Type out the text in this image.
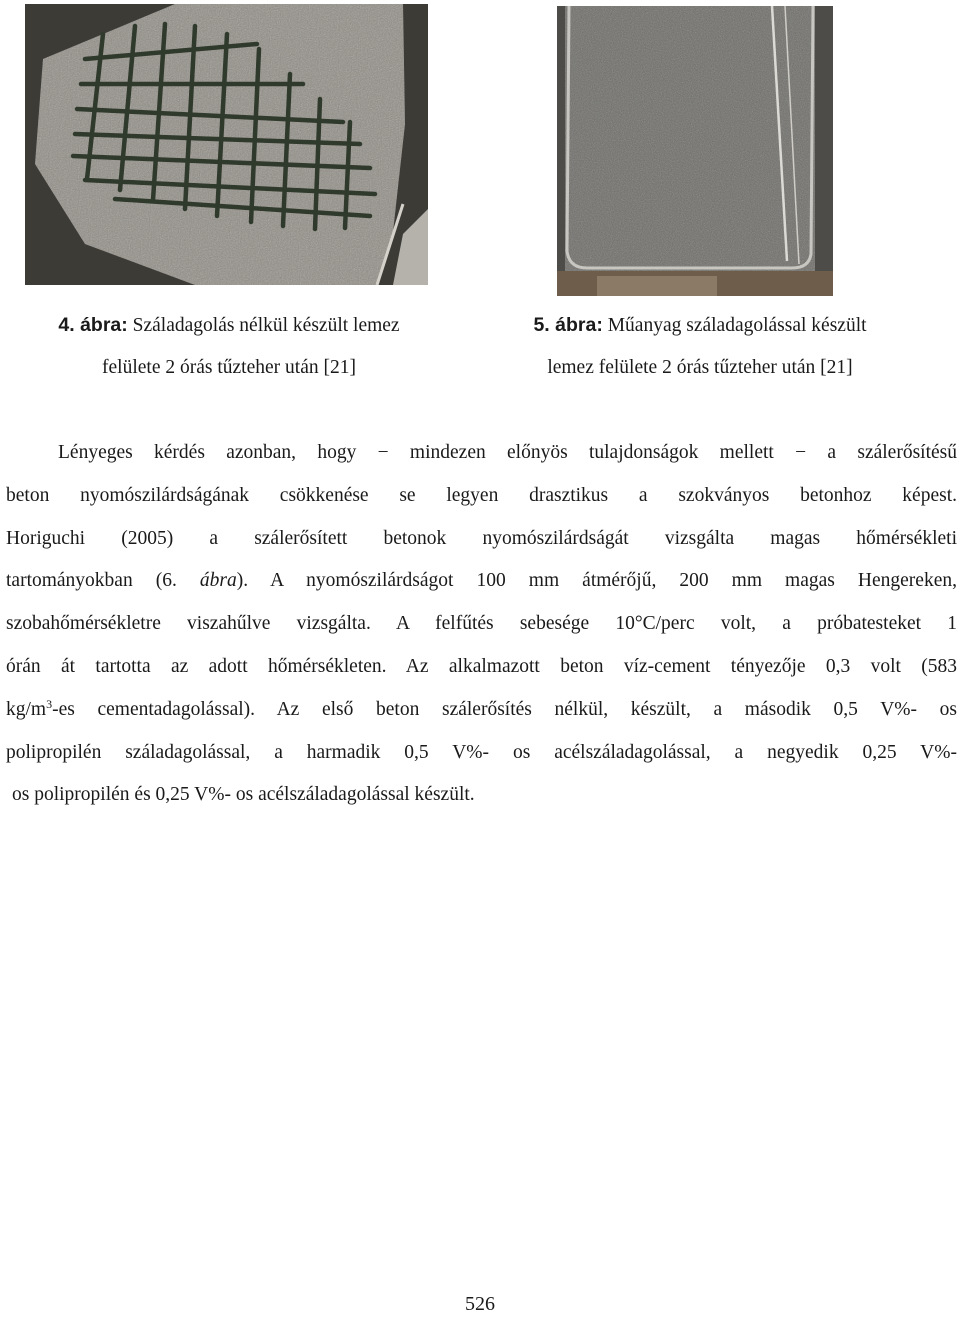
4. ábra: Száladagolás nélkül készült lemez
felülete 2 órás tűzteher után [21]
5. ábra: Műanyag száladagolással készült
lemez felülete 2 órás tűzteher után [21]
Lényeges kérdés azonban, hogy − mindezen előnyös tulajdonságok mellett − a szálerősítésű
beton nyomószilárdságának csökkenése se legyen drasztikus a szokványos betonhoz képest.
Horiguchi (2005) a szálerősített betonok nyomószilárdságát vizsgálta magas hőmérsékleti
tartományokban (6. ábra). A nyomószilárdságot 100 mm átmérőjű, 200 mm magas Hengereken,
szobahőmérsékletre viszahűlve vizsgálta. A felfűtés sebesége 10°C/perc volt, a próbatesteket 1
órán át tartotta az adott hőmérsékleten. Az alkalmazott beton víz-cement tényezője 0,3 volt (583
$kg/m^3-es$ cementadagolással). Az első beton szálerősítés nélkül, készült, a második 0,5 V%- os
polipropilén száladagolással, a harmadik 0,5 V%- os acélszáladagolással, a negyedik 0,25 V%-
os polipropilén és 0,25 V%- os acélszáladagolással készült.
526
